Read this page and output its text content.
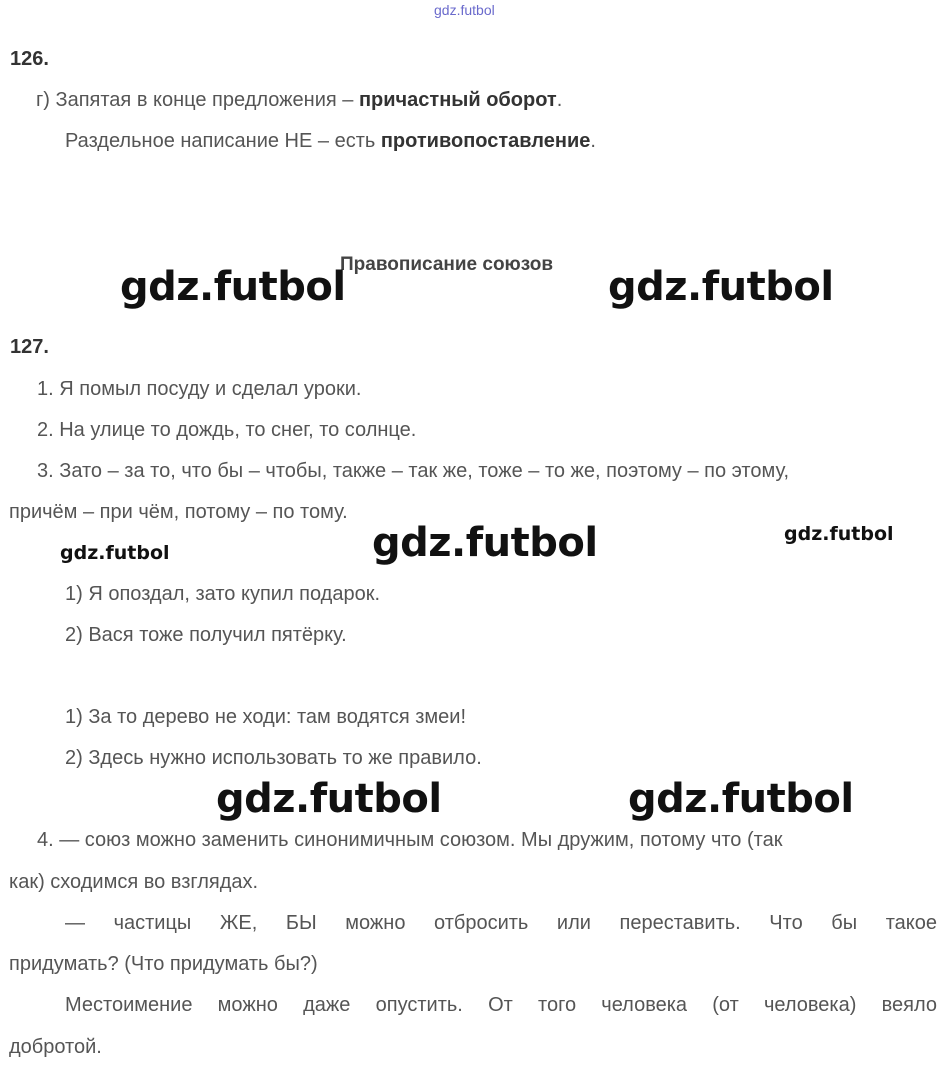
gdz.futbol
126.
г) Запятая в конце предложения – причастный оборот.
Раздельное написание НЕ – есть противопоставление.
Правописание союзов
gdz.futbol	gdz.futbol
127.
1. Я помыл посуду и сделал уроки.
2. На улице то дождь, то снег, то солнце.
3. Зато – за то, что бы – чтобы, также – так же, тоже – то же, поэтому – по этому,
причём – при чём, потому – по тому.
gdz.futbol	gdz.futbol	gdz.futbol
1) Я опоздал, зато купил подарок.
2) Вася тоже получил пятёрку.
1) За то дерево не ходи: там водятся змеи!
2) Здесь нужно использовать то же правило.
gdz.futbol	gdz.futbol
4. — союз можно заменить синонимичным союзом. Мы дружим, потому что (так
как) сходимся во взглядах.
— частицы ЖЕ, БЫ можно отбросить или переставить. Что бы такое
придумать? (Что придумать бы?)
Местоимение можно даже опустить. От того человека (от человека) веяло
добротой.
